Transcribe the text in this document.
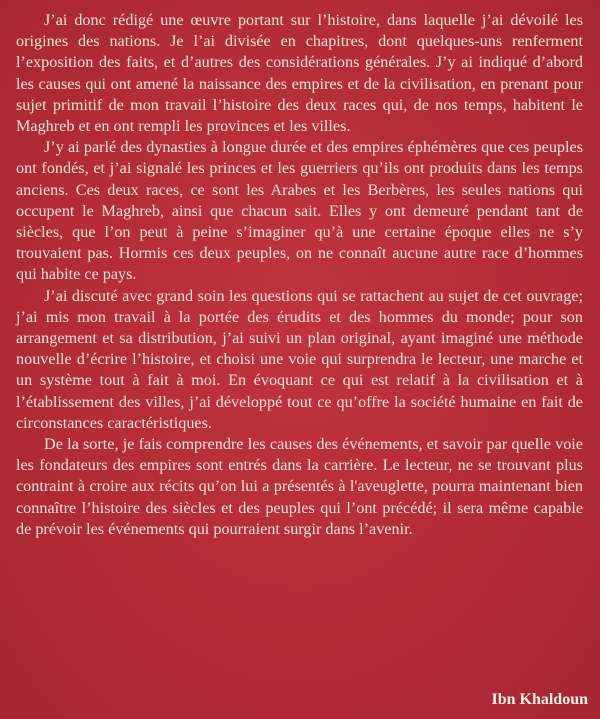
J’ai donc rédigé une œuvre portant sur l’histoire, dans laquelle j’ai dévoilé les origines des nations. Je l’ai divisée en chapitres, dont quelques-uns renferment l’exposition des faits, et d’autres des considérations générales. J’y ai indiqué d’abord les causes qui ont amené la naissance des empires et de la civilisation, en prenant pour sujet primitif de mon travail l’histoire des deux races qui, de nos temps, habitent le Maghreb et en ont rempli les provinces et les villes.

J’y ai parlé des dynasties à longue durée et des empires éphémères que ces peuples ont fondés, et j’ai signalé les princes et les guerriers qu’ils ont produits dans les temps anciens. Ces deux races, ce sont les Arabes et les Berbères, les seules nations qui occupent le Maghreb, ainsi que chacun sait. Elles y ont demeuré pendant tant de siècles, que l’on peut à peine s’imaginer qu’à une certaine époque elles ne s’y trouvaient pas. Hormis ces deux peuples, on ne connaît aucune autre race d’hommes qui habite ce pays.

J’ai discuté avec grand soin les questions qui se rattachent au sujet de cet ouvrage; j’ai mis mon travail à la portée des érudits et des hommes du monde; pour son arrangement et sa distribution, j’ai suivi un plan original, ayant imaginé une méthode nouvelle d’écrire l’histoire, et choisi une voie qui surprendra le lecteur, une marche et un système tout à fait à moi. En évoquant ce qui est relatif à la civilisation et à l’établissement des villes, j’ai développé tout ce qu’offre la société humaine en fait de circonstances caractéristiques.

De la sorte, je fais comprendre les causes des événements, et savoir par quelle voie les fondateurs des empires sont entrés dans la carrière. Le lecteur, ne se trouvant plus contraint à croire aux récits qu’on lui a présentés à l'aveuglette, pourra maintenant bien connaître l’histoire des siècles et des peuples qui l’ont précédé; il sera même capable de prévoir les événements qui pourraient surgir dans l’avenir.

Ibn Khaldoun
